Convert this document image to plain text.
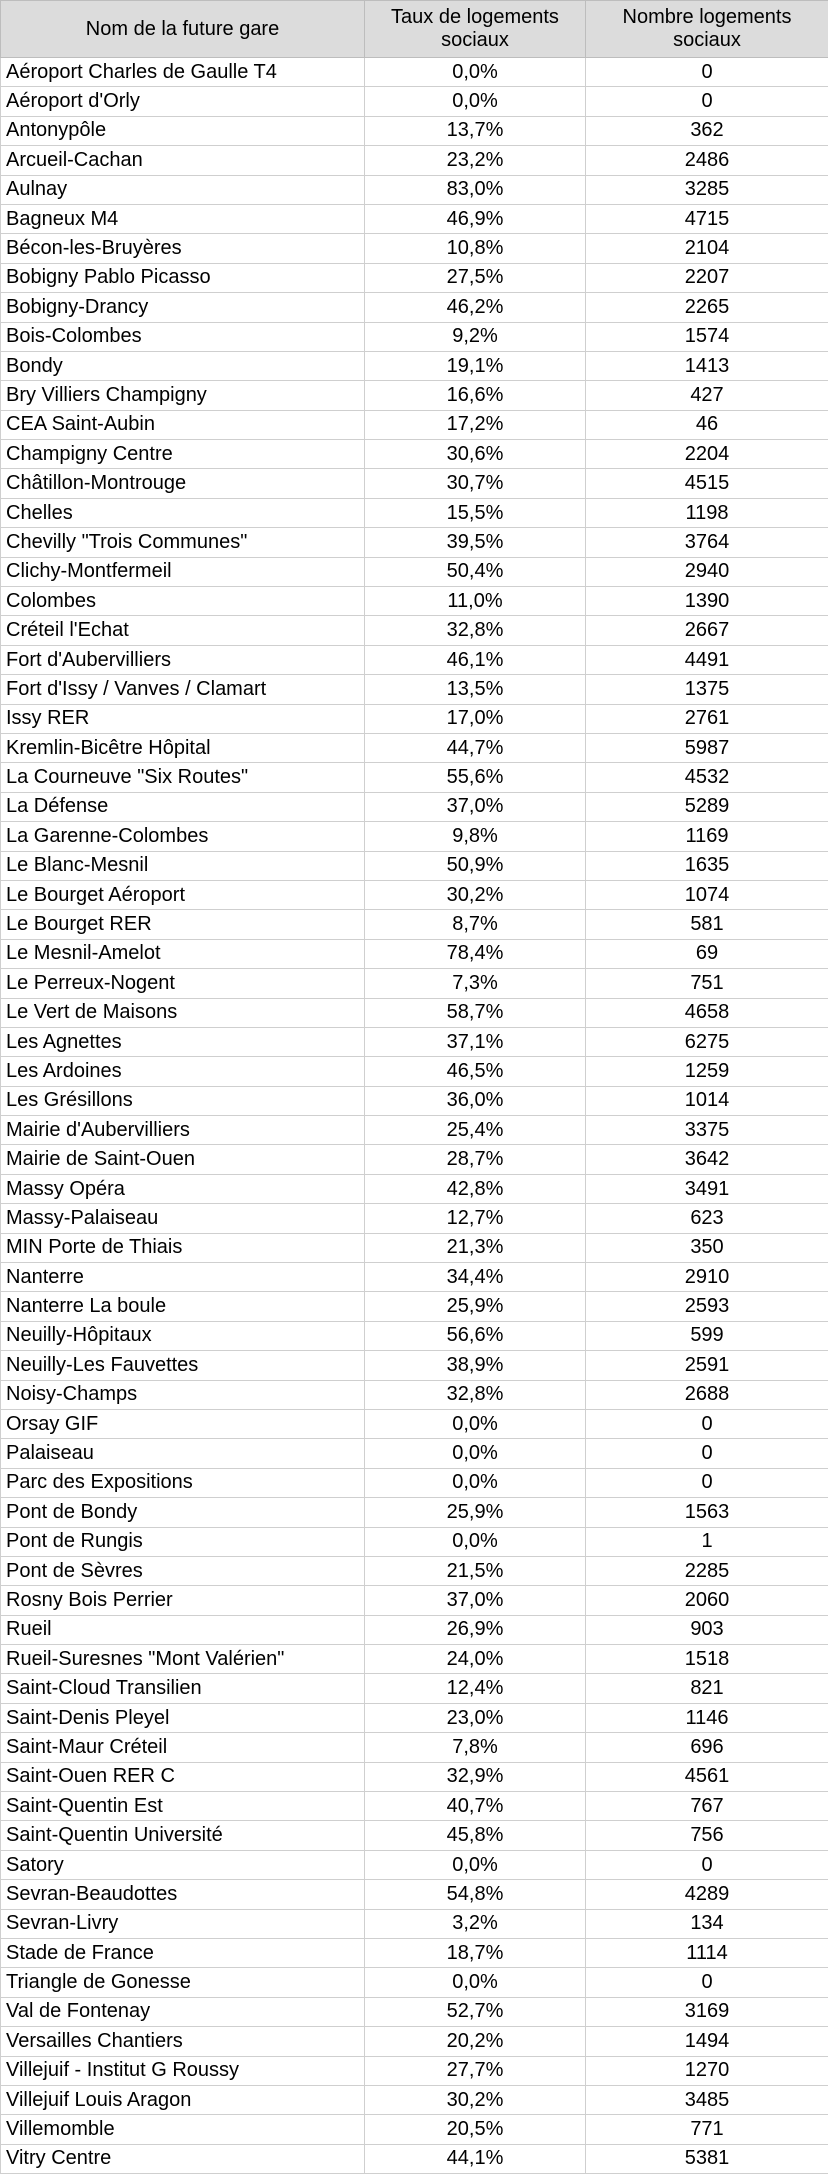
Nom de la future gare	Taux de logements sociaux	Nombre logements sociaux
Aéroport Charles de Gaulle T4	0,0%	0
Aéroport d'Orly	0,0%	0
Antonypôle	13,7%	362
Arcueil-Cachan	23,2%	2486
Aulnay	83,0%	3285
Bagneux M4	46,9%	4715
Bécon-les-Bruyères	10,8%	2104
Bobigny Pablo Picasso	27,5%	2207
Bobigny-Drancy	46,2%	2265
Bois-Colombes	9,2%	1574
Bondy	19,1%	1413
Bry Villiers Champigny	16,6%	427
CEA Saint-Aubin	17,2%	46
Champigny Centre	30,6%	2204
Châtillon-Montrouge	30,7%	4515
Chelles	15,5%	1198
Chevilly "Trois Communes"	39,5%	3764
Clichy-Montfermeil	50,4%	2940
Colombes	11,0%	1390
Créteil l'Echat	32,8%	2667
Fort d'Aubervilliers	46,1%	4491
Fort d'Issy / Vanves / Clamart	13,5%	1375
Issy RER	17,0%	2761
Kremlin-Bicêtre Hôpital	44,7%	5987
La Courneuve "Six Routes"	55,6%	4532
La Défense	37,0%	5289
La Garenne-Colombes	9,8%	1169
Le Blanc-Mesnil	50,9%	1635
Le Bourget Aéroport	30,2%	1074
Le Bourget RER	8,7%	581
Le Mesnil-Amelot	78,4%	69
Le Perreux-Nogent	7,3%	751
Le Vert de Maisons	58,7%	4658
Les Agnettes	37,1%	6275
Les Ardoines	46,5%	1259
Les Grésillons	36,0%	1014
Mairie d'Aubervilliers	25,4%	3375
Mairie de Saint-Ouen	28,7%	3642
Massy Opéra	42,8%	3491
Massy-Palaiseau	12,7%	623
MIN Porte de Thiais	21,3%	350
Nanterre	34,4%	2910
Nanterre La boule	25,9%	2593
Neuilly-Hôpitaux	56,6%	599
Neuilly-Les Fauvettes	38,9%	2591
Noisy-Champs	32,8%	2688
Orsay GIF	0,0%	0
Palaiseau	0,0%	0
Parc des Expositions	0,0%	0
Pont de Bondy	25,9%	1563
Pont de Rungis	0,0%	1
Pont de Sèvres	21,5%	2285
Rosny Bois Perrier	37,0%	2060
Rueil	26,9%	903
Rueil-Suresnes "Mont Valérien"	24,0%	1518
Saint-Cloud Transilien	12,4%	821
Saint-Denis Pleyel	23,0%	1146
Saint-Maur Créteil	7,8%	696
Saint-Ouen RER C	32,9%	4561
Saint-Quentin Est	40,7%	767
Saint-Quentin Université	45,8%	756
Satory	0,0%	0
Sevran-Beaudottes	54,8%	4289
Sevran-Livry	3,2%	134
Stade de France	18,7%	1114
Triangle de Gonesse	0,0%	0
Val de Fontenay	52,7%	3169
Versailles Chantiers	20,2%	1494
Villejuif - Institut G Roussy	27,7%	1270
Villejuif Louis Aragon	30,2%	3485
Villemomble	20,5%	771
Vitry Centre	44,1%	5381
